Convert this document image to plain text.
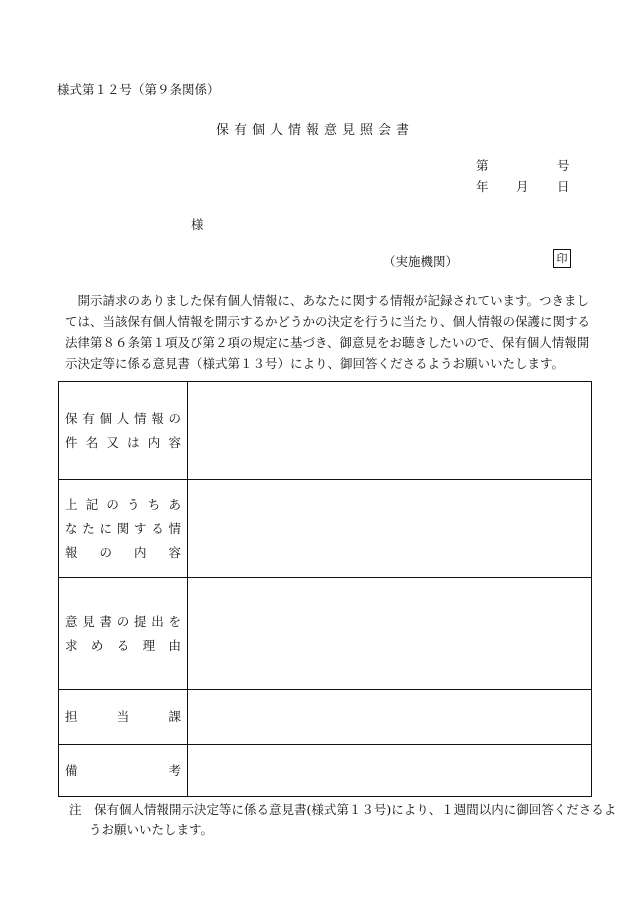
様式第１２号（第９条関係）
保有個人情報意見照会書
第	号
年 月 日
様
（実施機関）	印
開示請求のありました保有個人情報に、あなたに関する情報が記録されています。つきましては、当該保有個人情報を開示するかどうかの決定を行うに当たり、個人情報の保護に関する法律第８６条第１項及び第２項の規定に基づき、御意見をお聴きしたいので、保有個人情報開示決定等に係る意見書（様式第１３号）により、御回答くださるようお願いいたします。
保有個人情報の
件名又は内容	

上記のうちあ
なたに関する情
報の内容	

意見書の提出を
求める理由	

担当課	

備考	

注 保有個人情報開示決定等に係る意見書(様式第１３号)により、１週間以内に御回答くださるようお願いいたします。
